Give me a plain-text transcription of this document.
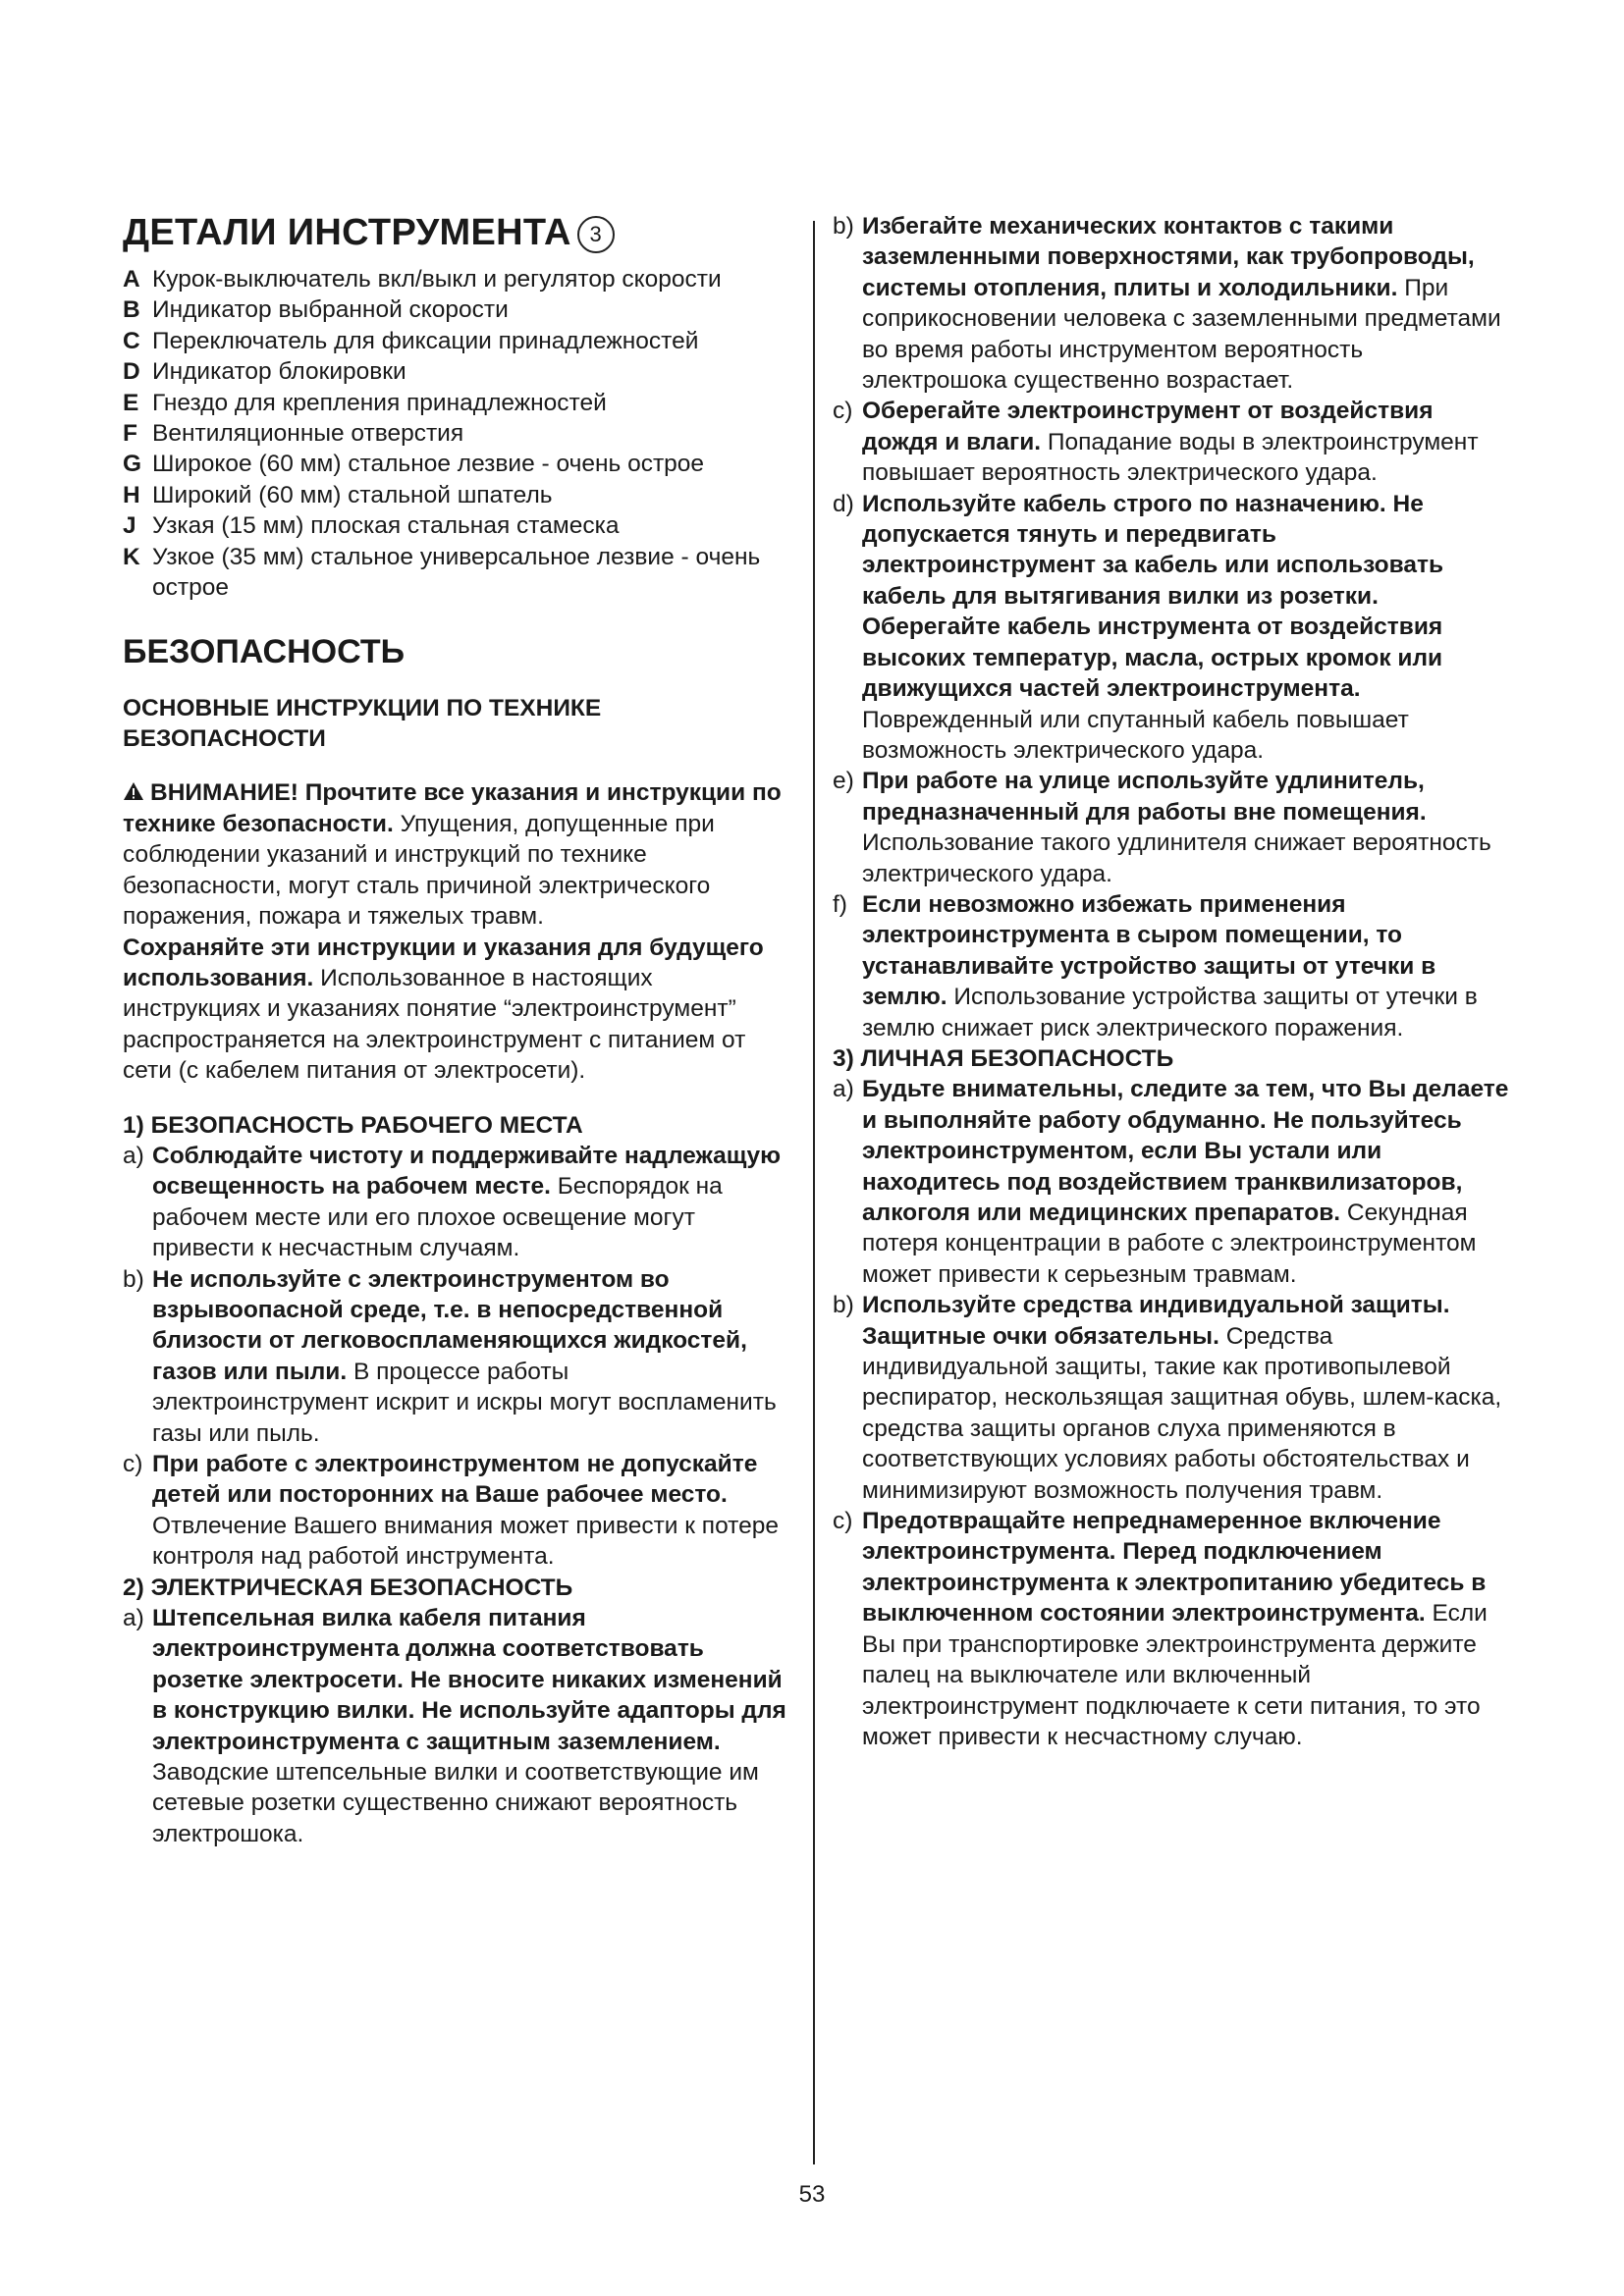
ДЕТАЛИ ИНСТРУМЕНТА 3
A Курок-выключатель вкл/выкл и регулятор скорости
B Индикатор выбранной скорости
C Переключатель для фиксации принадлежностей
D Индикатор блокировки
E Гнездо для крепления принадлежностей
F Вентиляционные отверстия
G Широкое (60 мм) стальное лезвие - очень острое
H Широкий (60 мм) стальной шпатель
J Узкая (15 мм) плоская стальная стамеска
K Узкое (35 мм) стальное универсальное лезвие - очень острое
БЕЗОПАСНОСТЬ
ОСНОВНЫЕ ИНСТРУКЦИИ ПО ТЕХНИКЕ БЕЗОПАСНОСТИ

ВНИМАНИЕ! Прочтите все указания и инструкции по технике безопасности. Упущения, допущенные при соблюдении указаний и инструкций по технике безопасности, могут сталь причиной электрического поражения, пожара и тяжелых травм.

Сохраняйте эти инструкции и указания для будущего использования. Использованное в настоящих инструкциях и указаниях понятие “электроинструмент” распространяется на электроинструмент с питанием от сети (с кабелем питания от электросети).

1) БЕЗОПАСНОСТЬ РАБОЧЕГО МЕСТА
a) Соблюдайте чистоту и поддерживайте надлежащую освещенность на рабочем месте. Беспорядок на рабочем месте или его плохое освещение могут привести к несчастным случаям.
b) Не используйте с электроинструментом во взрывоопасной среде, т.е. в непосредственной близости от легковоспламеняющихся жидкостей, газов или пыли. В процессе работы электроинструмент искрит и искры могут воспламенить газы или пыль.
c) При работе с электроинструментом не допускайте детей или посторонних на Ваше рабочее место. Отвлечение Вашего внимания может привести к потере контроля над работой инструмента.
2) ЭЛЕКТРИЧЕСКАЯ БЕЗОПАСНОСТЬ
a) Штепсельная вилка кабеля питания электроинструмента должна соответствовать розетке электросети. Не вносите никаких изменений в конструкцию вилки. Не используйте адапторы для электроинструмента с защитным заземлением. Заводские штепсельные вилки и соответствующие им сетевые розетки существенно снижают вероятность электрошока.
b) Избегайте механических контактов с такими заземленными поверхностями, как трубопроводы, системы отопления, плиты и холодильники. При соприкосновении человека с заземленными предметами во время работы инструментом вероятность электрошока существенно возрастает.
c) Оберегайте электроинструмент от воздействия дождя и влаги. Попадание воды в электроинструмент повышает вероятность электрического удара.
d) Используйте кабель строго по назначению. Не допускается тянуть и передвигать электроинструмент за кабель или использовать кабель для вытягивания вилки из розетки. Оберегайте кабель инструмента от воздействия высоких температур, масла, острых кромок или движущихся частей электроинструмента. Поврежденный или спутанный кабель повышает возможность электрического удара.
e) При работе на улице используйте удлинитель, предназначенный для работы вне помещения. Использование такого удлинителя снижает вероятность электрического удара.
f) Если невозможно избежать применения электроинструмента в сыром помещении, то устанавливайте устройство защиты от утечки в землю. Использование устройства защиты от утечки в землю снижает риск электрического поражения.
3) ЛИЧНАЯ БЕЗОПАСНОСТЬ
a) Будьте внимательны, следите за тем, что Вы делаете и выполняйте работу обдуманно. Не пользуйтесь электроинструментом, если Вы устали или находитесь под воздействием транквилизаторов, алкоголя или медицинских препаратов. Секундная потеря концентрации в работе с электроинструментом может привести к серьезным травмам.
b) Используйте средства индивидуальной защиты. Защитные очки обязательны. Средства индивидуальной защиты, такие как противопылевой респиратор, нескользящая защитная обувь, шлем-каска, средства защиты органов слуха применяются в соответствующих условиях работы обстоятельствах и минимизируют возможность получения травм.
c) Предотвращайте непреднамеренное включение электроинструмента. Перед подключением электроинструмента к электропитанию убедитесь в выключенном состоянии электроинструмента. Если Вы при транспортировке электроинструмента держите палец на выключателе или включенный электроинструмент подключаете к сети питания, то это может привести к несчастному случаю.
53
